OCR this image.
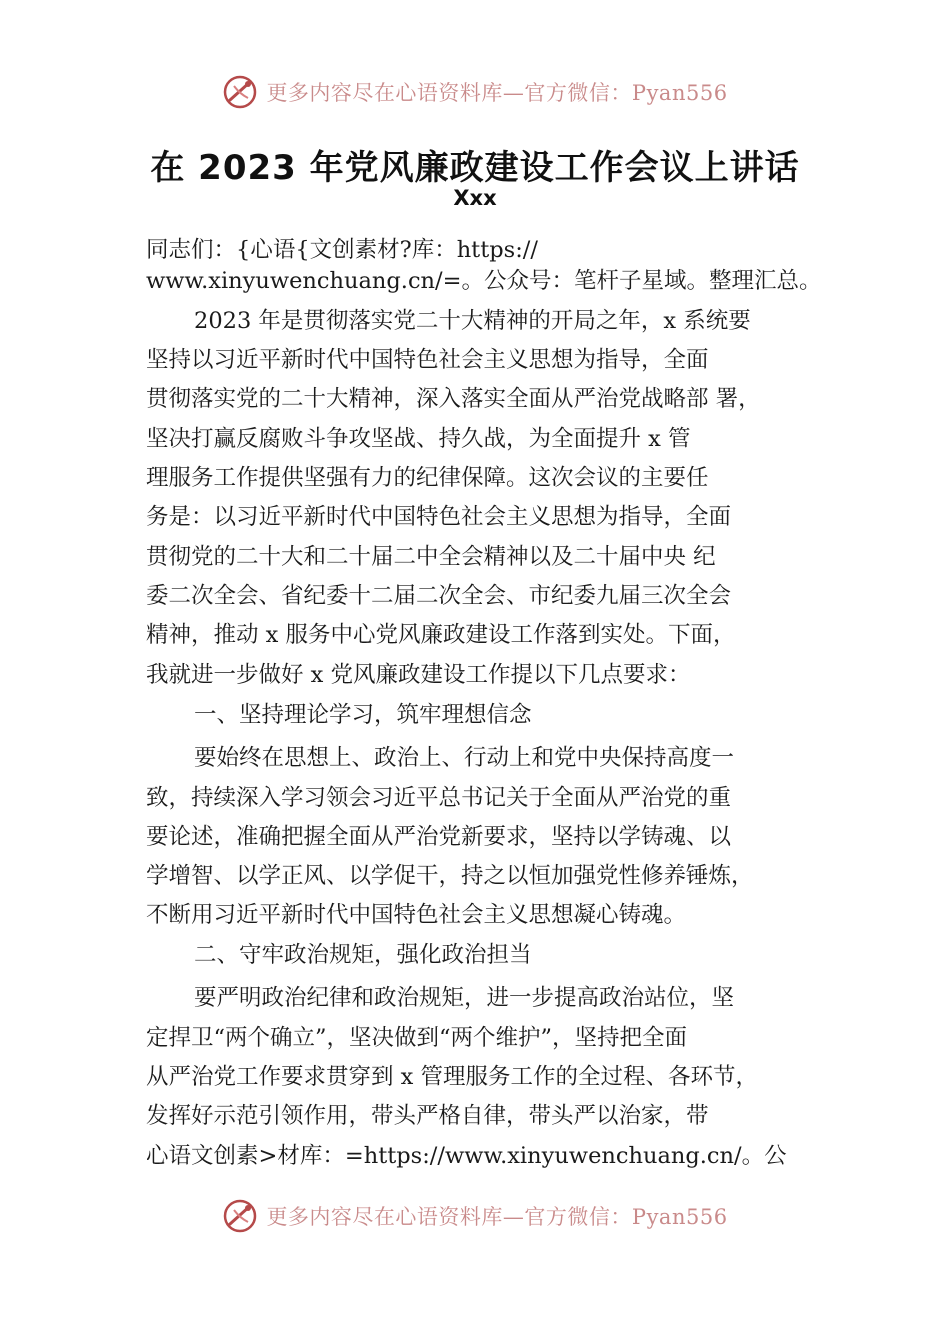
更多内容尽在心语资料库—官方微信：Pyan556
在 2023 年党风廉政建设工作会议上讲话
Xxx
同志们：{心语{文创素材?库：https://
www.xinyuwenchuang.cn/=。公众号：笔杆子星域。整理汇总。
2023 年是贯彻落实党二十大精神的开局之年，x 系统要
坚持以习近平新时代中国特色社会主义思想为指导，全面
贯彻落实党的二十大精神，深入落实全面从严治党战略部 署，
坚决打赢反腐败斗争攻坚战、持久战，为全面提升 x 管
理服务工作提供坚强有力的纪律保障。这次会议的主要任
务是：以习近平新时代中国特色社会主义思想为指导，全面
贯彻党的二十大和二十届二中全会精神以及二十届中央 纪
委二次全会、省纪委十二届二次全会、市纪委九届三次全会
精神，推动 x 服务中心党风廉政建设工作落到实处。下面，
我就进一步做好 x 党风廉政建设工作提以下几点要求：
一、坚持理论学习，筑牢理想信念
要始终在思想上、政治上、行动上和党中央保持高度一
致，持续深入学习领会习近平总书记关于全面从严治党的重
要论述，准确把握全面从严治党新要求，坚持以学铸魂、以
学增智、以学正风、以学促干，持之以恒加强党性修养锤炼，
不断用习近平新时代中国特色社会主义思想凝心铸魂。
二、守牢政治规矩，强化政治担当
要严明政治纪律和政治规矩，进一步提高政治站位，坚
定捍卫“两个确立”，坚决做到“两个维护”，坚持把全面
从严治党工作要求贯穿到 x 管理服务工作的全过程、各环节，
发挥好示范引领作用，带头严格自律，带头严以治家，带
心语文创素>材库：=https://www.xinyuwenchuang.cn/。公
更多内容尽在心语资料库—官方微信：Pyan556
